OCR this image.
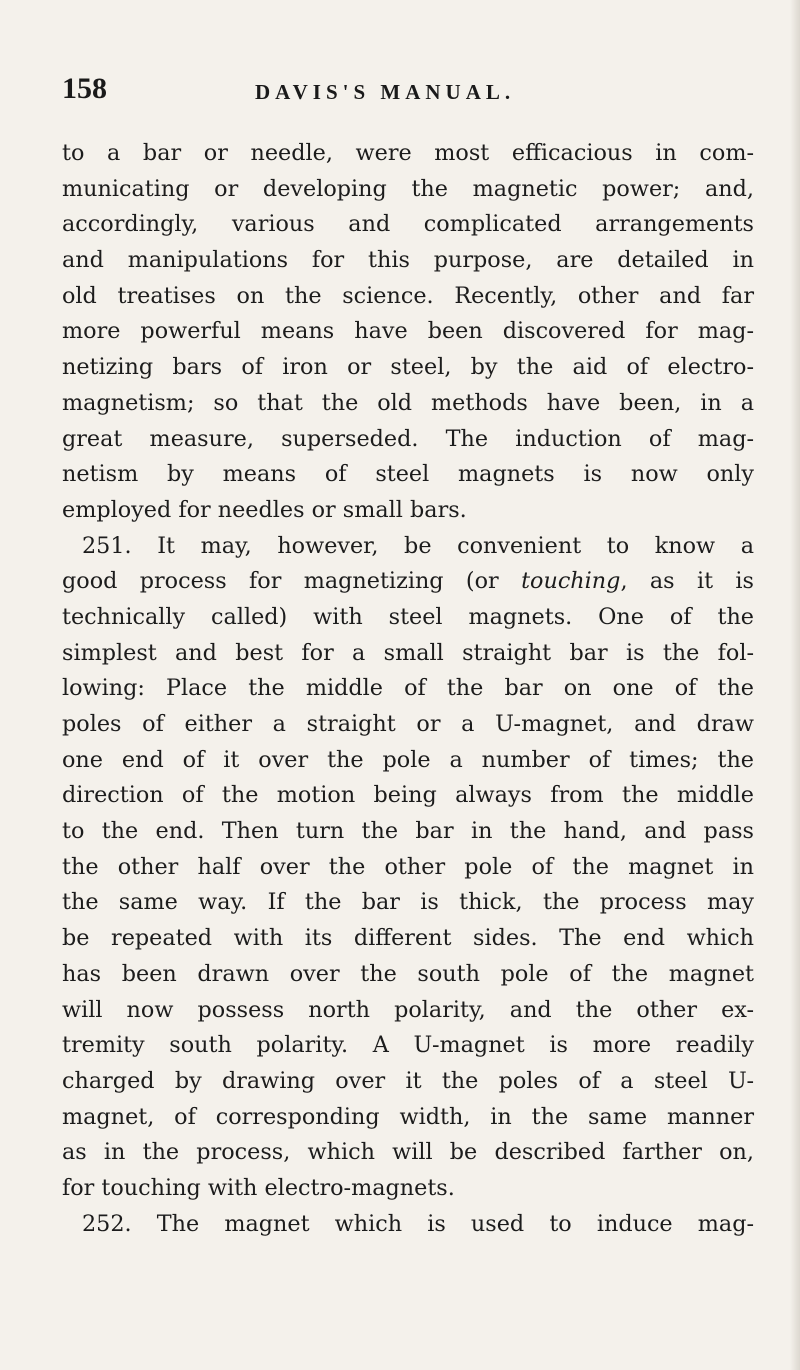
158	DAVIS'S MANUAL.
to a bar or needle, were most efficacious in com-
municating or developing the magnetic power; and,
accordingly, various and complicated arrangements
and manipulations for this purpose, are detailed in
old treatises on the science. Recently, other and far
more powerful means have been discovered for mag-
netizing bars of iron or steel, by the aid of electro-
magnetism; so that the old methods have been, in a
great measure, superseded. The induction of mag-
netism by means of steel magnets is now only
employed for needles or small bars.
251. It may, however, be convenient to know a
good process for magnetizing (or touching, as it is
technically called) with steel magnets. One of the
simplest and best for a small straight bar is the fol-
lowing: Place the middle of the bar on one of the
poles of either a straight or a U-magnet, and draw
one end of it over the pole a number of times; the
direction of the motion being always from the middle
to the end. Then turn the bar in the hand, and pass
the other half over the other pole of the magnet in
the same way. If the bar is thick, the process may
be repeated with its different sides. The end which
has been drawn over the south pole of the magnet
will now possess north polarity, and the other ex-
tremity south polarity. A U-magnet is more readily
charged by drawing over it the poles of a steel U-
magnet, of corresponding width, in the same manner
as in the process, which will be described farther on,
for touching with electro-magnets.
252. The magnet which is used to induce mag-
